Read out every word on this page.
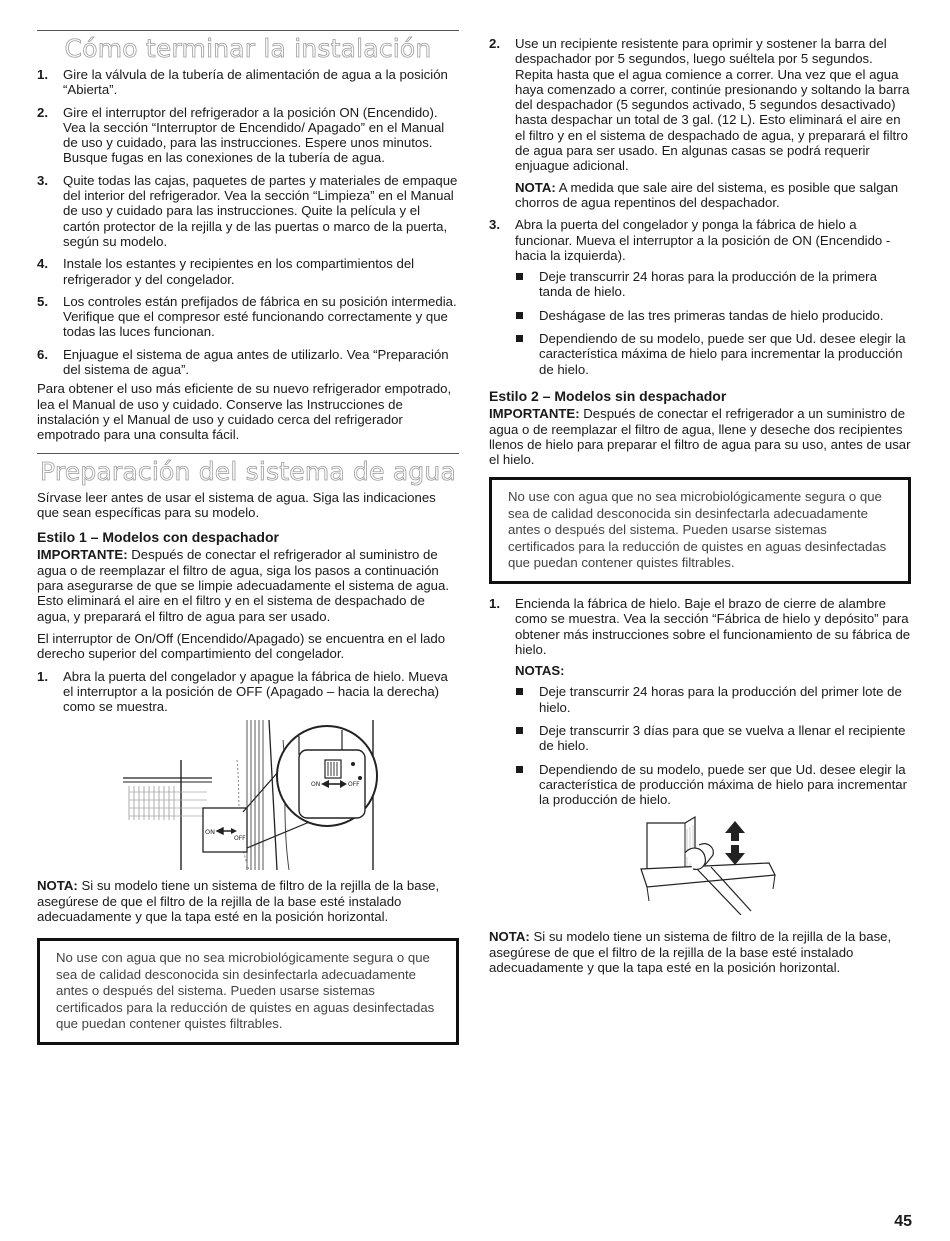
Cómo terminar la instalación
1. Gire la válvula de la tubería de alimentación de agua a la posición “Abierta”.
2. Gire el interruptor del refrigerador a la posición ON (Encendido). Vea la sección “Interruptor de Encendido/ Apagado” en el Manual de uso y cuidado, para las instrucciones. Espere unos minutos. Busque fugas en las conexiones de la tubería de agua.
3. Quite todas las cajas, paquetes de partes y materiales de empaque del interior del refrigerador. Vea la sección “Limpieza” en el Manual de uso y cuidado para las instrucciones. Quite la película y el cartón protector de la rejilla y de las puertas o marco de la puerta, según su modelo.
4. Instale los estantes y recipientes en los compartimientos del refrigerador y del congelador.
5. Los controles están prefijados de fábrica en su posición intermedia. Verifique que el compresor esté funcionando correctamente y que todas las luces funcionan.
6. Enjuague el sistema de agua antes de utilizarlo. Vea “Preparación del sistema de agua”.

Para obtener el uso más eficiente de su nuevo refrigerador empotrado, lea el Manual de uso y cuidado. Conserve las Instrucciones de instalación y el Manual de uso y cuidado cerca del refrigerador empotrado para una consulta fácil.

Preparación del sistema de agua

Sírvase leer antes de usar el sistema de agua. Siga las indicaciones que sean específicas para su modelo.

Estilo 1 – Modelos con despachador

IMPORTANTE: Después de conectar el refrigerador al suministro de agua o de reemplazar el filtro de agua, siga los pasos a continuación para asegurarse de que se limpie adecuadamente el sistema de agua. Esto eliminará el aire en el filtro y en el sistema de despachado de agua, y preparará el filtro de agua para ser usado.

El interruptor de On/Off (Encendido/Apagado) se encuentra en el lado derecho superior del compartimiento del congelador.

1. Abra la puerta del congelador y apague la fábrica de hielo. Mueva el interruptor a la posición de OFF (Apagado – hacia la derecha) como se muestra.
ON
OFF
ON	OFF

NOTA: Si su modelo tiene un sistema de filtro de la rejilla de la base, asegúrese de que el filtro de la rejilla de la base esté instalado adecuadamente y que la tapa esté en la posición horizontal.

No use con agua que no sea microbiológicamente segura o que sea de calidad desconocida sin desinfectarla adecuadamente antes o después del sistema. Pueden usarse sistemas certificados para la reducción de quistes en aguas desinfectadas que puedan contener quistes filtrables.
2. Use un recipiente resistente para oprimir y sostener la barra del despachador por 5 segundos, luego suéltela por 5 segundos. Repita hasta que el agua comience a correr. Una vez que el agua haya comenzado a correr, continúe presionando y soltando la barra del despachador (5 segundos activado, 5 segundos desactivado) hasta despachar un total de 3 gal. (12 L). Esto eliminará el aire en el filtro y en el sistema de despachado de agua, y preparará el filtro de agua para ser usado. En algunas casas se podrá requerir enjuague adicional.
NOTA: A medida que sale aire del sistema, es posible que salgan chorros de agua repentinos del despachador.
3. Abra la puerta del congelador y ponga la fábrica de hielo a funcionar. Mueva el interruptor a la posición de ON (Encendido - hacia la izquierda).
Deje transcurrir 24 horas para la producción de la primera tanda de hielo.
Deshágase de las tres primeras tandas de hielo producido.
Dependiendo de su modelo, puede ser que Ud. desee elegir la característica máxima de hielo para incrementar la producción de hielo.
Estilo 2 – Modelos sin despachador

IMPORTANTE: Después de conectar el refrigerador a un suministro de agua o de reemplazar el filtro de agua, llene y deseche dos recipientes llenos de hielo para preparar el filtro de agua para su uso, antes de usar el hielo.

No use con agua que no sea microbiológicamente segura o que sea de calidad desconocida sin desinfectarla adecuadamente antes o después del sistema. Pueden usarse sistemas certificados para la reducción de quistes en aguas desinfectadas que puedan contener quistes filtrables.
1. Encienda la fábrica de hielo. Baje el brazo de cierre de alambre como se muestra. Vea la sección “Fábrica de hielo y depósito” para obtener más instrucciones sobre el funcionamiento de su fábrica de hielo.
NOTAS:
Deje transcurrir 24 horas para la producción del primer lote de hielo.
Deje transcurrir 3 días para que se vuelva a llenar el recipiente de hielo.
Dependiendo de su modelo, puede ser que Ud. desee elegir la característica de producción máxima de hielo para incrementar la producción de hielo.

NOTA: Si su modelo tiene un sistema de filtro de la rejilla de la base, asegúrese de que el filtro de la rejilla de la base esté instalado adecuadamente y que la tapa esté en la posición horizontal.

45
